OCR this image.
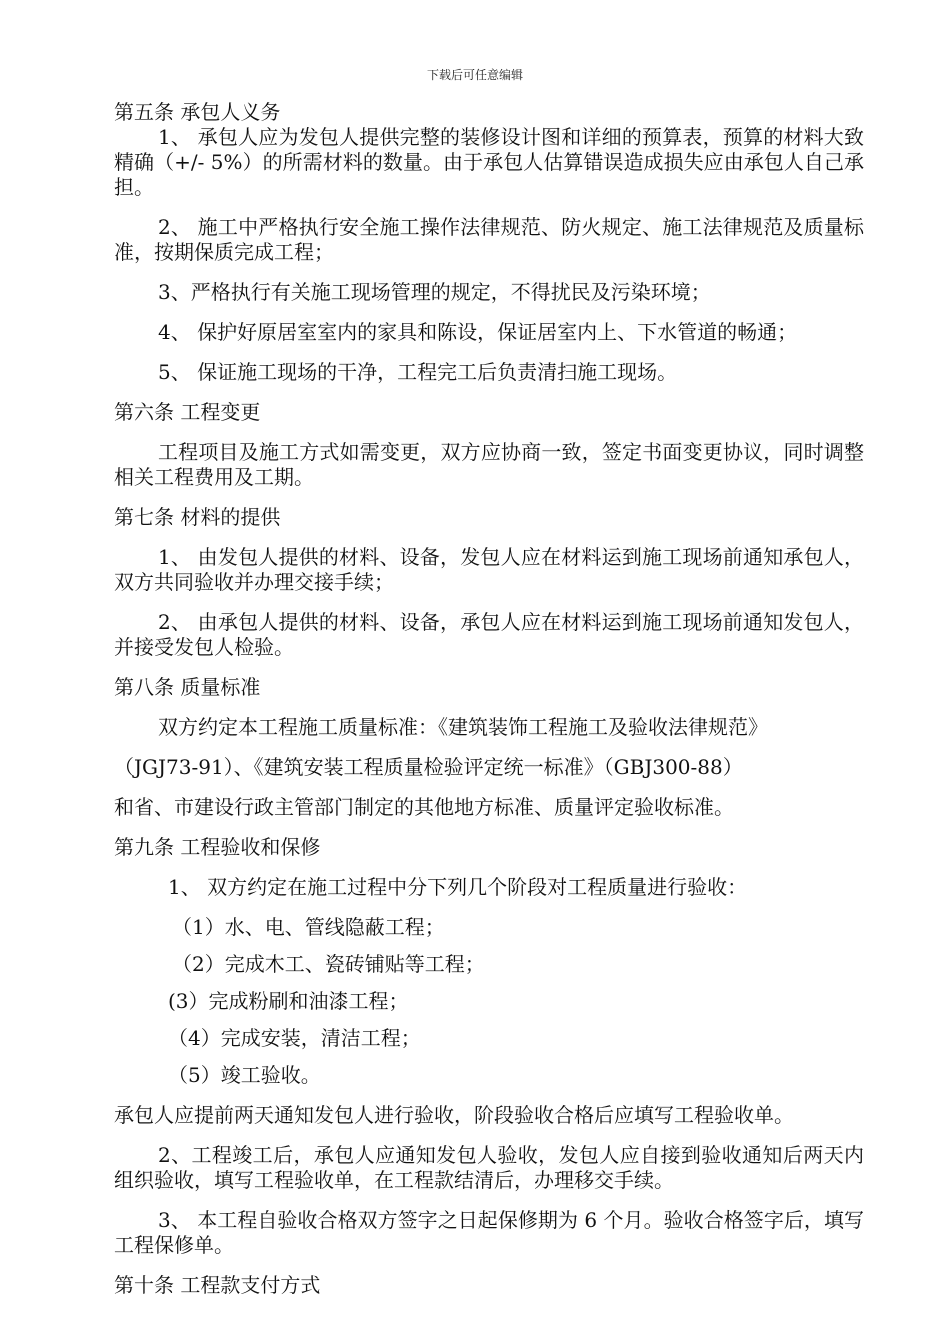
下载后可任意编辑

第五条 承包人义务

1、 承包人应为发包人提供完整的装修设计图和详细的预算表，预算的材料大致精确（+/- 5%）的所需材料的数量。由于承包人估算错误造成损失应由承包人自己承担。

2、 施工中严格执行安全施工操作法律规范、防火规定、施工法律规范及质量标准，按期保质完成工程；

3、严格执行有关施工现场管理的规定，不得扰民及污染环境；

4、 保护好原居室室内的家具和陈设，保证居室内上、下水管道的畅通；

5、 保证施工现场的干净，工程完工后负责清扫施工现场。

第六条 工程变更

工程项目及施工方式如需变更，双方应协商一致，签定书面变更协议，同时调整相关工程费用及工期。

第七条 材料的提供

1、 由发包人提供的材料、设备，发包人应在材料运到施工现场前通知承包人，双方共同验收并办理交接手续；

2、 由承包人提供的材料、设备，承包人应在材料运到施工现场前通知发包人，并接受发包人检验。

第八条 质量标准

双方约定本工程施工质量标准：《建筑装饰工程施工及验收法律规范》

（JGJ73-91）、《建筑安装工程质量检验评定统一标准》（GBJ300-88）

和省、市建设行政主管部门制定的其他地方标准、质量评定验收标准。

第九条 工程验收和保修

1、 双方约定在施工过程中分下列几个阶段对工程质量进行验收：

（1）水、电、管线隐蔽工程；

（2）完成木工、瓷砖铺贴等工程；

(3）完成粉刷和油漆工程；

（4）完成安装，清洁工程；

（5）竣工验收。

承包人应提前两天通知发包人进行验收，阶段验收合格后应填写工程验收单。

2、工程竣工后，承包人应通知发包人验收，发包人应自接到验收通知后两天内组织验收，填写工程验收单，在工程款结清后，办理移交手续。

3、 本工程自验收合格双方签字之日起保修期为 6 个月。验收合格签字后，填写工程保修单。

第十条 工程款支付方式
